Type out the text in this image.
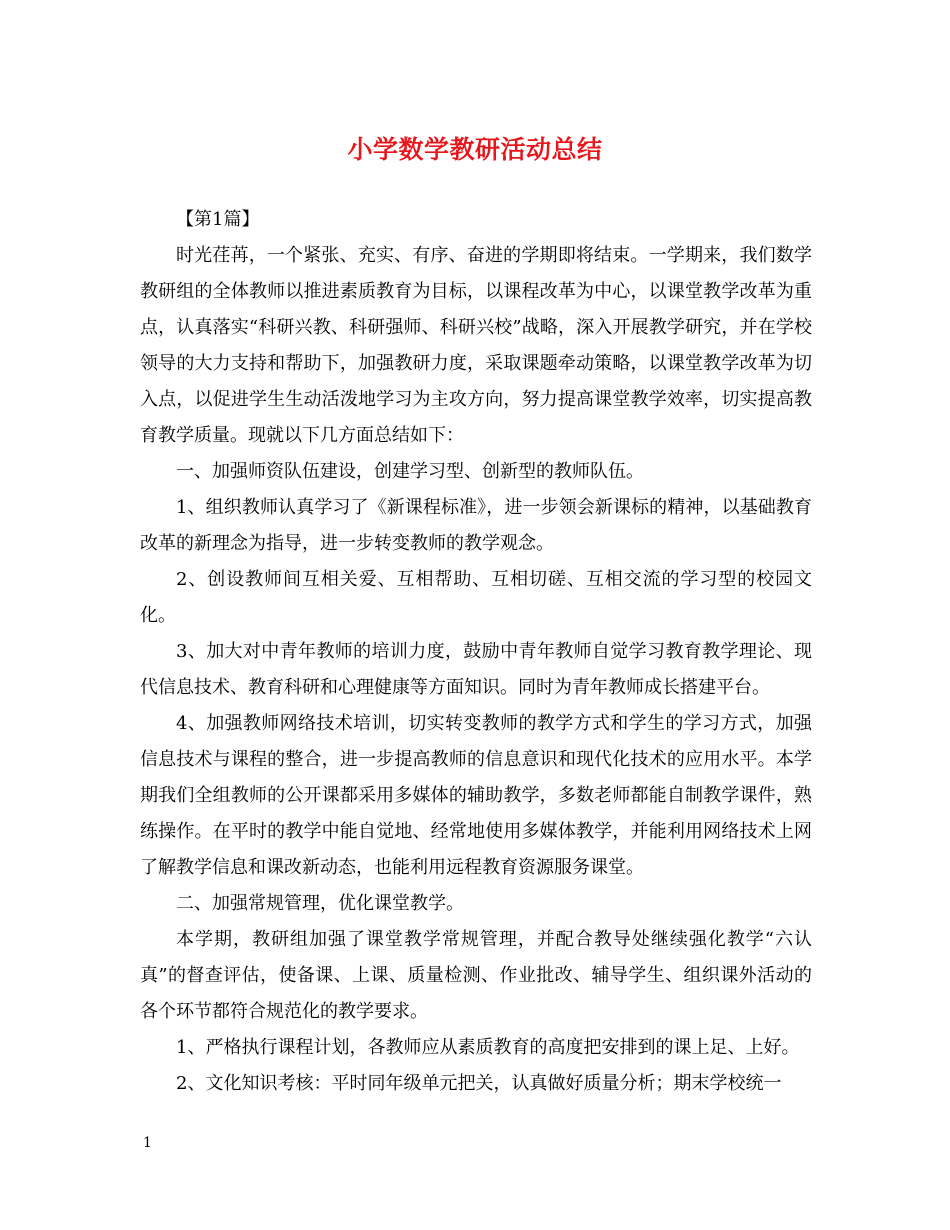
小学数学教研活动总结

【第1篇】

时光荏苒，一个紧张、充实、有序、奋进的学期即将结束。一学期来，我们数学教研组的全体教师以推进素质教育为目标，以课程改革为中心，以课堂教学改革为重点，认真落实“科研兴教、科研强师、科研兴校”战略，深入开展教学研究，并在学校领导的大力支持和帮助下，加强教研力度，采取课题牵动策略，以课堂教学改革为切入点，以促进学生生动活泼地学习为主攻方向，努力提高课堂教学效率，切实提高教育教学质量。现就以下几方面总结如下：

一、加强师资队伍建设，创建学习型、创新型的教师队伍。

1、组织教师认真学习了《新课程标准》，进一步领会新课标的精神，以基础教育改革的新理念为指导，进一步转变教师的教学观念。

2、创设教师间互相关爱、互相帮助、互相切磋、互相交流的学习型的校园文化。

3、加大对中青年教师的培训力度，鼓励中青年教师自觉学习教育教学理论、现代信息技术、教育科研和心理健康等方面知识。同时为青年教师成长搭建平台。

4、加强教师网络技术培训，切实转变教师的教学方式和学生的学习方式，加强信息技术与课程的整合，进一步提高教师的信息意识和现代化技术的应用水平。本学期我们全组教师的公开课都采用多媒体的辅助教学，多数老师都能自制教学课件，熟练操作。在平时的教学中能自觉地、经常地使用多媒体教学，并能利用网络技术上网了解教学信息和课改新动态，也能利用远程教育资源服务课堂。

二、加强常规管理，优化课堂教学。

本学期，教研组加强了课堂教学常规管理，并配合教导处继续强化教学“六认真”的督查评估，使备课、上课、质量检测、作业批改、辅导学生、组织课外活动的各个环节都符合规范化的教学要求。

1、严格执行课程计划，各教师应从素质教育的高度把安排到的课上足、上好。

2、文化知识考核：平时同年级单元把关，认真做好质量分析；期末学校统一

1
